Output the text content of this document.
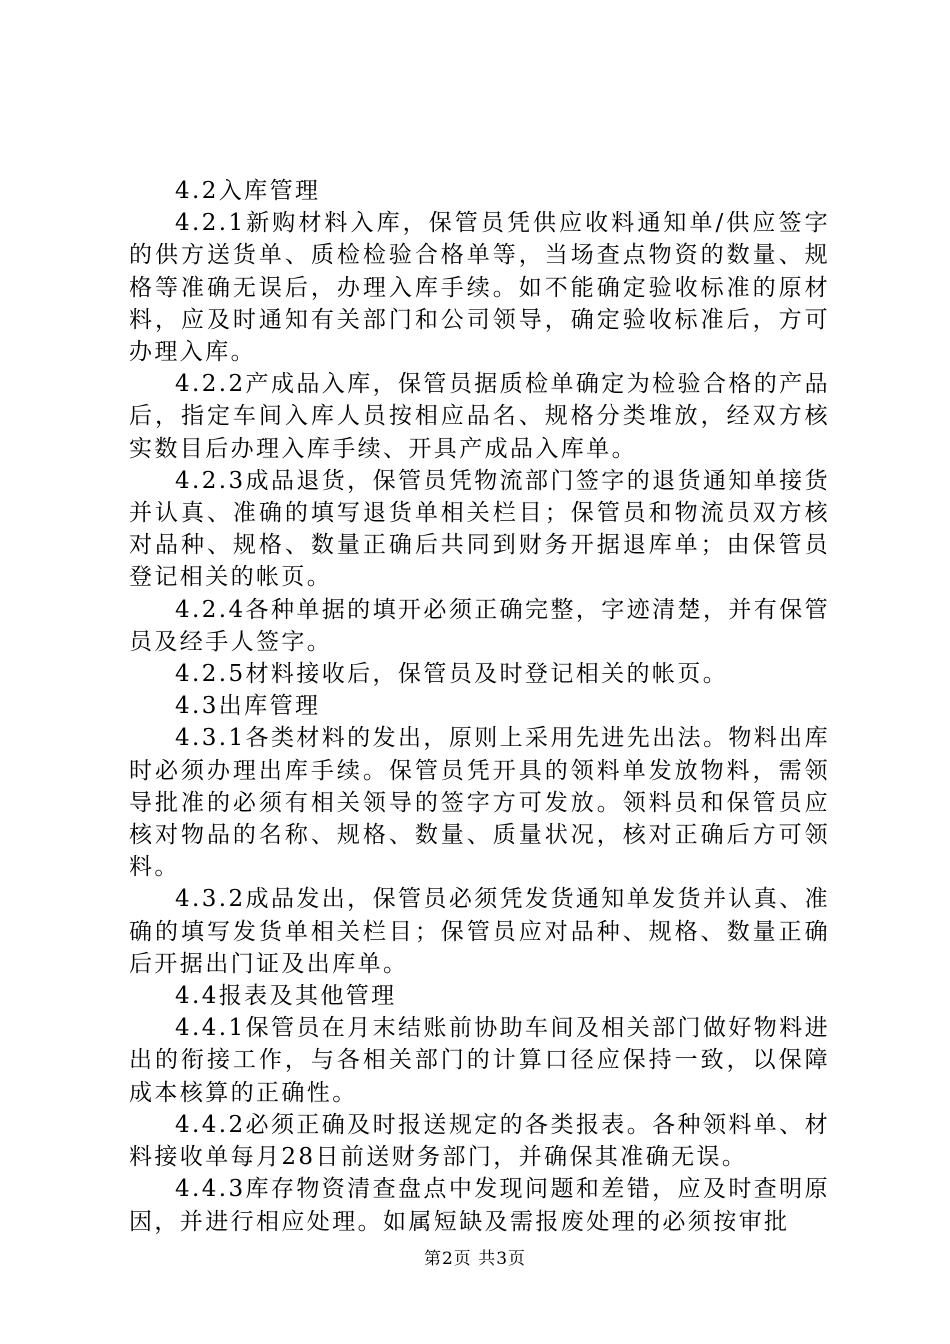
4.2入库管理

4.2.1新购材料入库，保管员凭供应收料通知单/供应签字的供方送货单、质检检验合格单等，当场查点物资的数量、规格等准确无误后，办理入库手续。如不能确定验收标准的原材料，应及时通知有关部门和公司领导，确定验收标准后，方可办理入库。

4.2.2产成品入库，保管员据质检单确定为检验合格的产品后，指定车间入库人员按相应品名、规格分类堆放，经双方核实数目后办理入库手续、开具产成品入库单。

4.2.3成品退货，保管员凭物流部门签字的退货通知单接货并认真、准确的填写退货单相关栏目；保管员和物流员双方核对品种、规格、数量正确后共同到财务开据退库单；由保管员登记相关的帐页。

4.2.4各种单据的填开必须正确完整，字迹清楚，并有保管员及经手人签字。

4.2.5材料接收后，保管员及时登记相关的帐页。

4.3出库管理

4.3.1各类材料的发出，原则上采用先进先出法。物料出库时必须办理出库手续。保管员凭开具的领料单发放物料，需领导批准的必须有相关领导的签字方可发放。领料员和保管员应核对物品的名称、规格、数量、质量状况，核对正确后方可领料。

4.3.2成品发出，保管员必须凭发货通知单发货并认真、准确的填写发货单相关栏目；保管员应对品种、规格、数量正确后开据出门证及出库单。

4.4报表及其他管理

4.4.1保管员在月末结账前协助车间及相关部门做好物料进出的衔接工作，与各相关部门的计算口径应保持一致，以保障成本核算的正确性。

4.4.2必须正确及时报送规定的各类报表。各种领料单、材料接收单每月28日前送财务部门，并确保其准确无误。

4.4.3库存物资清查盘点中发现问题和差错，应及时查明原因，并进行相应处理。如属短缺及需报废处理的必须按审批

第2页 共3页
